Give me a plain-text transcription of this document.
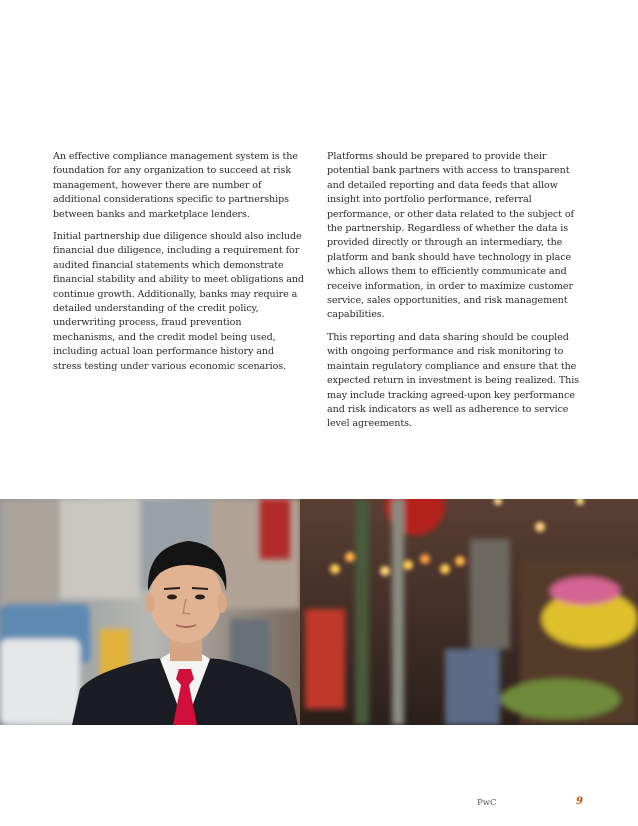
An effective compliance management system is the foundation for any organization to succeed at risk management, however there are number of additional considerations specific to partnerships between banks and marketplace lenders.

Initial partnership due diligence should also include financial due diligence, including a requirement for audited financial statements which demonstrate financial stability and ability to meet obligations and continue growth. Additionally, banks may require a detailed understanding of the credit policy, underwriting process, fraud prevention mechanisms, and the credit model being used, including actual loan performance history and stress testing under various economic scenarios.

Platforms should be prepared to provide their potential bank partners with access to transparent and detailed reporting and data feeds that allow insight into portfolio performance, referral performance, or other data related to the subject of the partnership. Regardless of whether the data is provided directly or through an intermediary, the platform and bank should have technology in place which allows them to efficiently communicate and receive information, in order to maximize customer service, sales opportunities, and risk management capabilities.

This reporting and data sharing should be coupled with ongoing performance and risk monitoring to maintain regulatory compliance and ensure that the expected return in investment is being realized. This may include tracking agreed-upon key performance and risk indicators as well as adherence to service level agreements.

PwC	9
